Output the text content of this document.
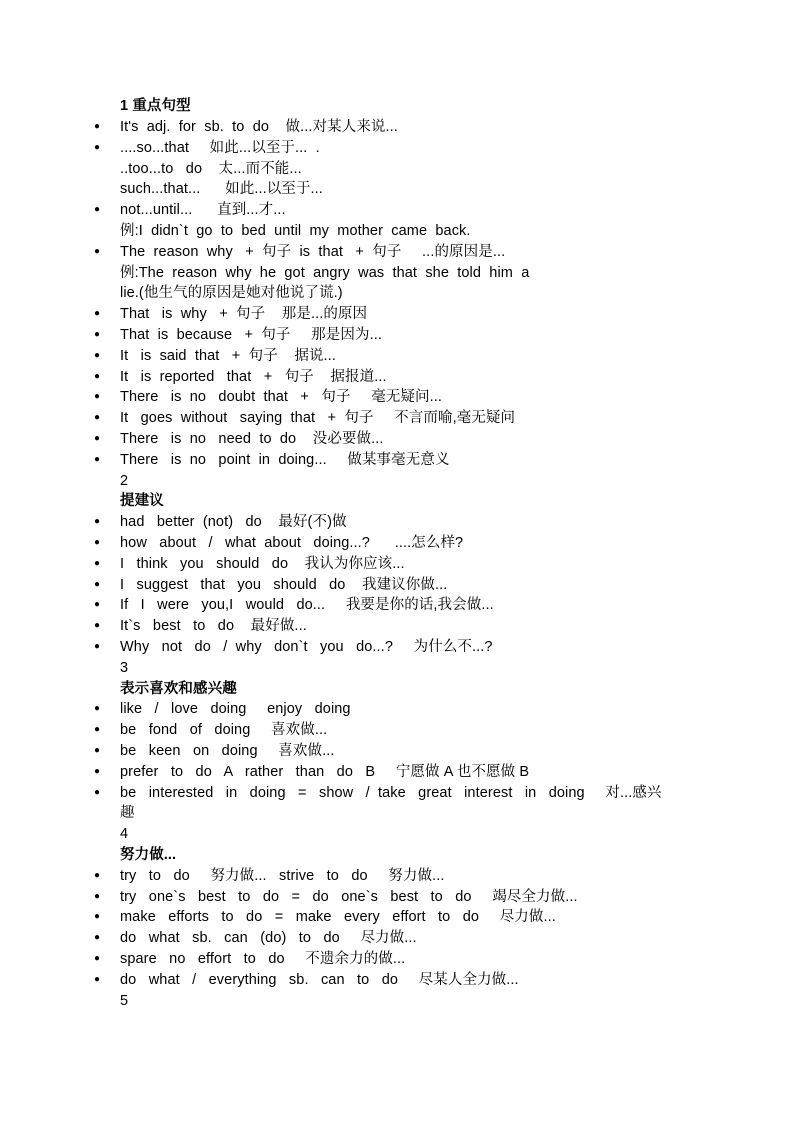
1 重点句型
● It's  adj.  for  sb.  to  do    做...对某人来说...
● ....so...that     如此...以至于...  .
..too...to   do    太...而不能...
such...that...      如此...以至于...
● not...until...      直到...才...
例:I  didn`t  go  to  bed  until  my  mother  came  back.
● The  reason  why   +  句子  is  that   +  句子     ...的原因是...
例:The  reason  why  he  got  angry  was  that  she  told  him  a
lie.(他生气的原因是她对他说了谎.)
● That   is  why   +  句子    那是...的原因
● That  is  because   +  句子     那是因为...
● It   is  said  that   +  句子    据说...
● It   is  reported   that   +   句子    据报道...
● There   is  no   doubt  that   +   句子     毫无疑问...
● It   goes  without   saying  that   +  句子     不言而喻,毫无疑问
● There   is  no   need  to  do    没必要做...
● There   is  no   point  in  doing...     做某事毫无意义
2
提建议
● had   better  (not)   do    最好(不)做
● how   about   /   what  about   doing...?      ....怎么样?
● I   think   you   should   do    我认为你应该...
● I   suggest   that   you   should   do    我建议你做...
● If   I   were   you,I   would   do...     我要是你的话,我会做...
● It`s   best   to   do    最好做...
● Why   not   do   /  why   don`t   you   do...?     为什么不...?
3
表示喜欢和感兴趣
● like   /   love   doing     enjoy   doing
● be   fond   of   doing     喜欢做...
● be   keen   on   doing     喜欢做...
● prefer   to   do   A   rather   than   do   B     宁愿做 A 也不愿做 B
● be   interested   in   doing   =   show   /  take   great   interest   in   doing     对...感兴
趣
4
努力做...
● try   to   do     努力做...   strive   to   do     努力做...
● try   one`s   best   to   do   =   do   one`s   best   to   do     竭尽全力做...
● make   efforts   to   do   =   make   every   effort   to   do     尽力做...
● do   what   sb.   can   (do)   to   do     尽力做...
● spare   no   effort   to   do     不遗余力的做...
● do   what   /   everything   sb.   can   to   do     尽某人全力做...
5
